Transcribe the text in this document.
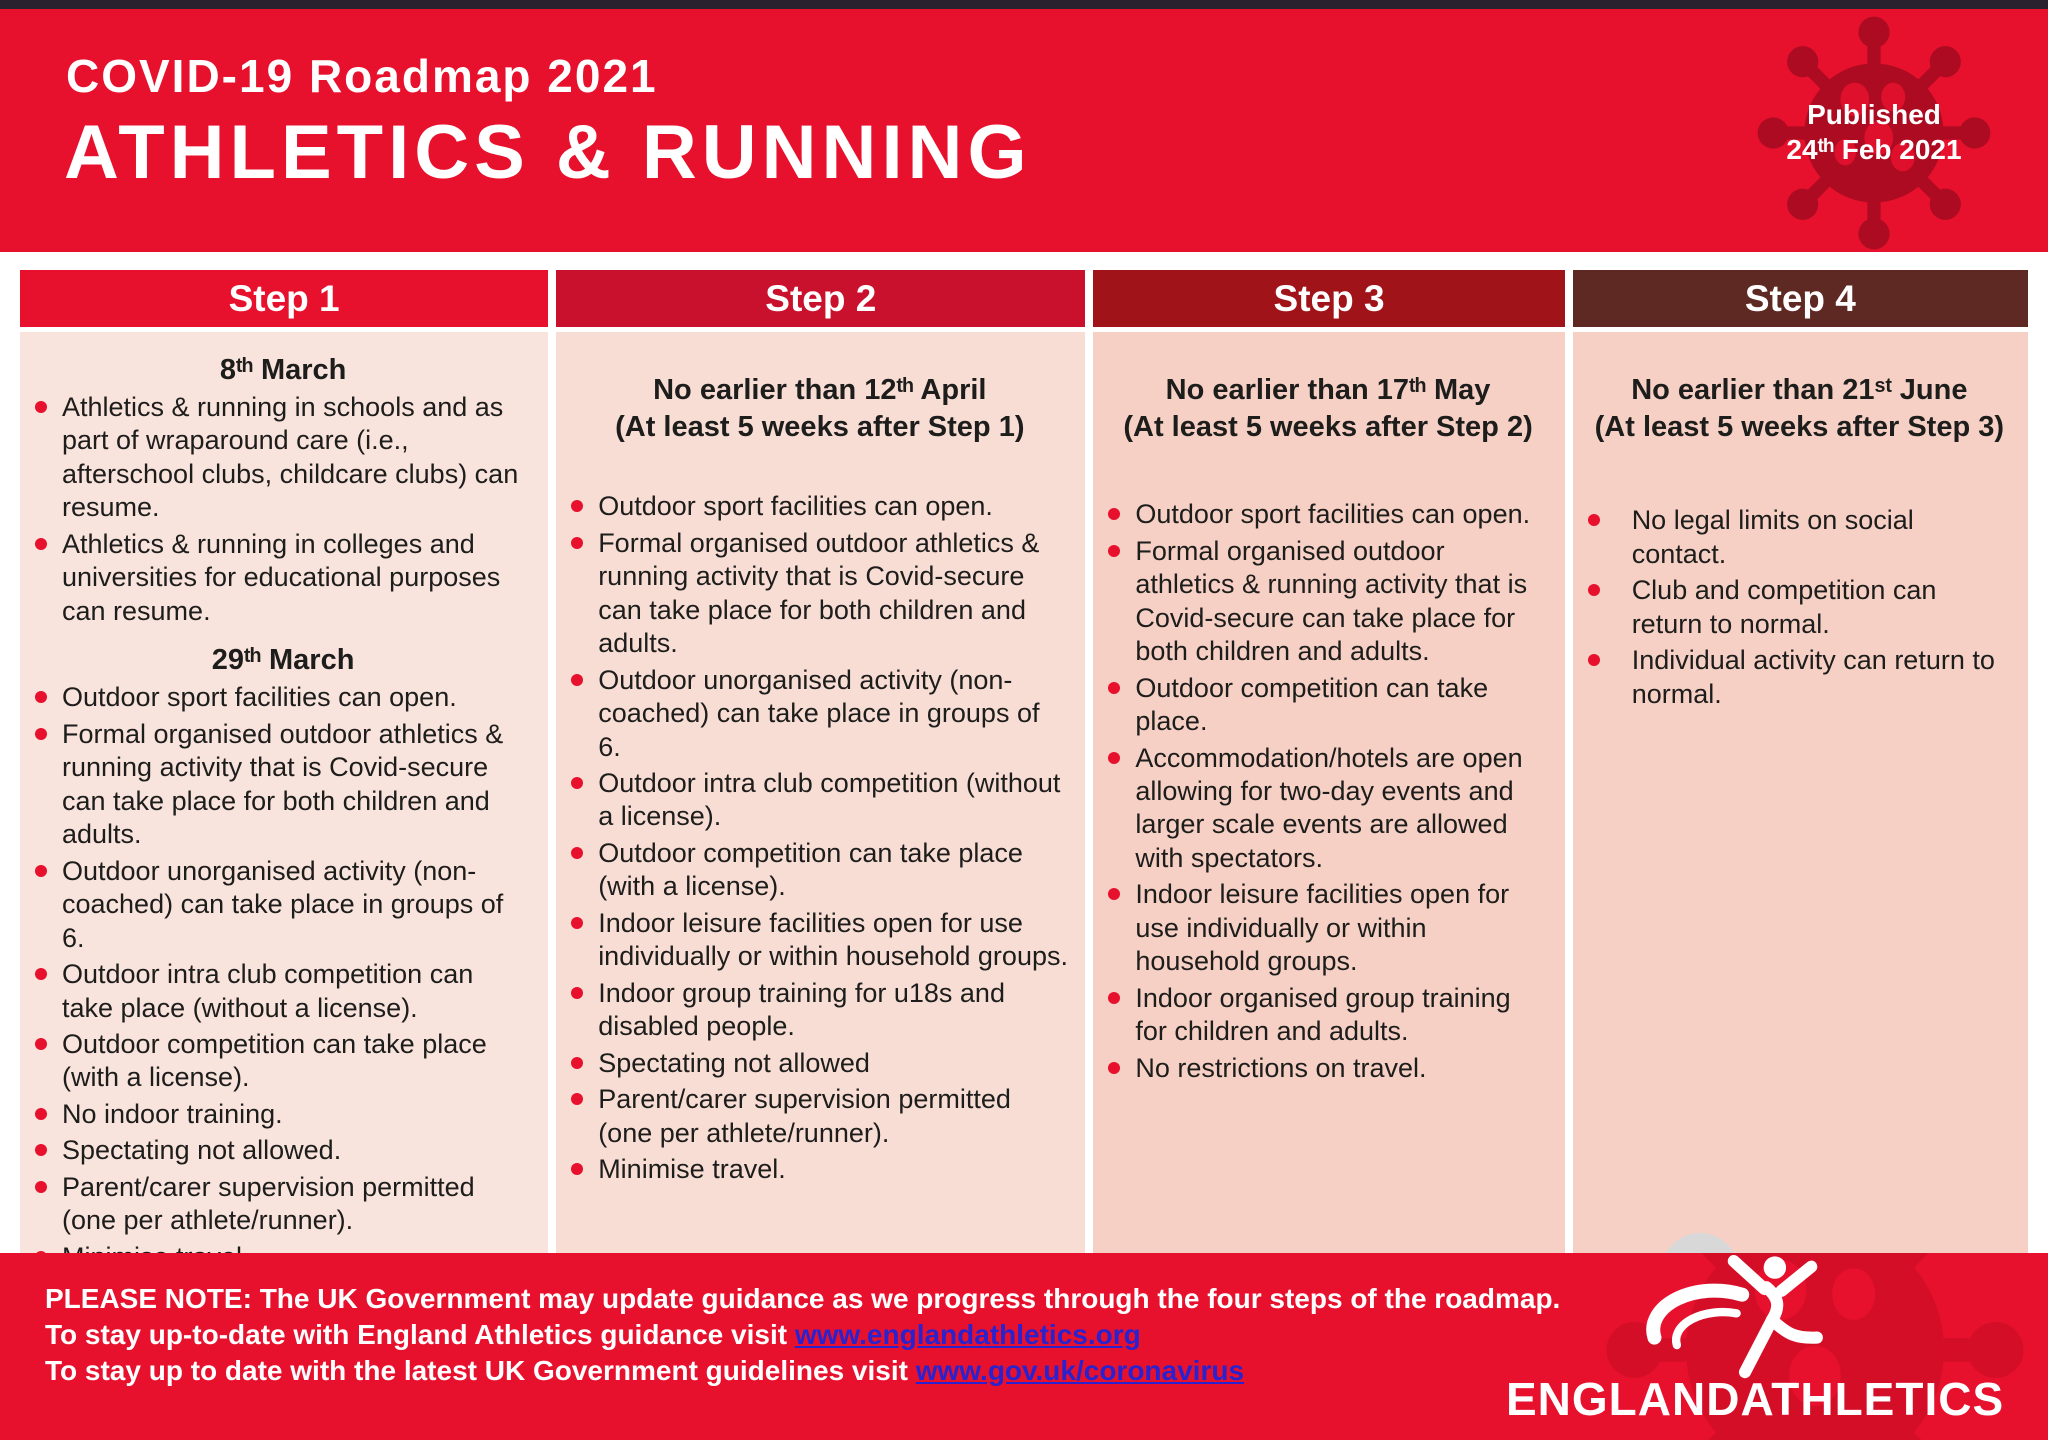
COVID-19 Roadmap 2021
ATHLETICS & RUNNING	Published
24ᵗʰ Feb 2021
Step 1
8ᵗʰ March
Athletics & running in schools and as part of wraparound care (i.e., afterschool clubs, childcare clubs) can resume.
Athletics & running in colleges and universities for educational purposes can resume.
29ᵗʰ March
Outdoor sport facilities can open.
Formal organised outdoor athletics & running activity that is Covid-secure can take place for both children and adults.
Outdoor unorganised activity (non-coached) can take place in groups of 6.
Outdoor intra club competition can take place (without a license).
Outdoor competition can take place (with a license).
No indoor training.
Spectating not allowed.
Parent/carer supervision permitted (one per athlete/runner).
Step 2
No earlier than 12ᵗʰ April
(At least 5 weeks after Step 1)
Outdoor sport facilities can open.
Formal organised outdoor athletics & running activity that is Covid-secure can take place for both children and adults.
Outdoor unorganised activity (non-coached) can take place in groups of 6.
Outdoor intra club competition (without a license).
Outdoor competition can take place (with a license).
Indoor leisure facilities open for use individually or within household groups.
Indoor group training for u18s and disabled people.
Spectating not allowed
Parent/carer supervision permitted (one per athlete/runner).
Minimise travel.
Step 3
No earlier than 17ᵗʰ May
(At least 5 weeks after Step 2)
Outdoor sport facilities can open.
Formal organised outdoor athletics & running activity that is Covid-secure can take place for both children and adults.
Outdoor competition can take place.
Accommodation/hotels are open allowing for two-day events and larger scale events are allowed with spectators.
Indoor leisure facilities open for use individually or within household groups.
Indoor organised group training for children and adults.
No restrictions on travel.
Step 4
No earlier than 21ˢᵗ June
(At least 5 weeks after Step 3)
No legal limits on social contact.
Club and competition can return to normal.
Individual activity can return to normal.
PLEASE NOTE: The UK Government may update guidance as we progress through the four steps of the roadmap.
To stay up-to-date with England Athletics guidance visit www.englandathletics.org
To stay up to date with the latest UK Government guidelines visit www.gov.uk/coronavirus
ENGLAND ATHLETICS
